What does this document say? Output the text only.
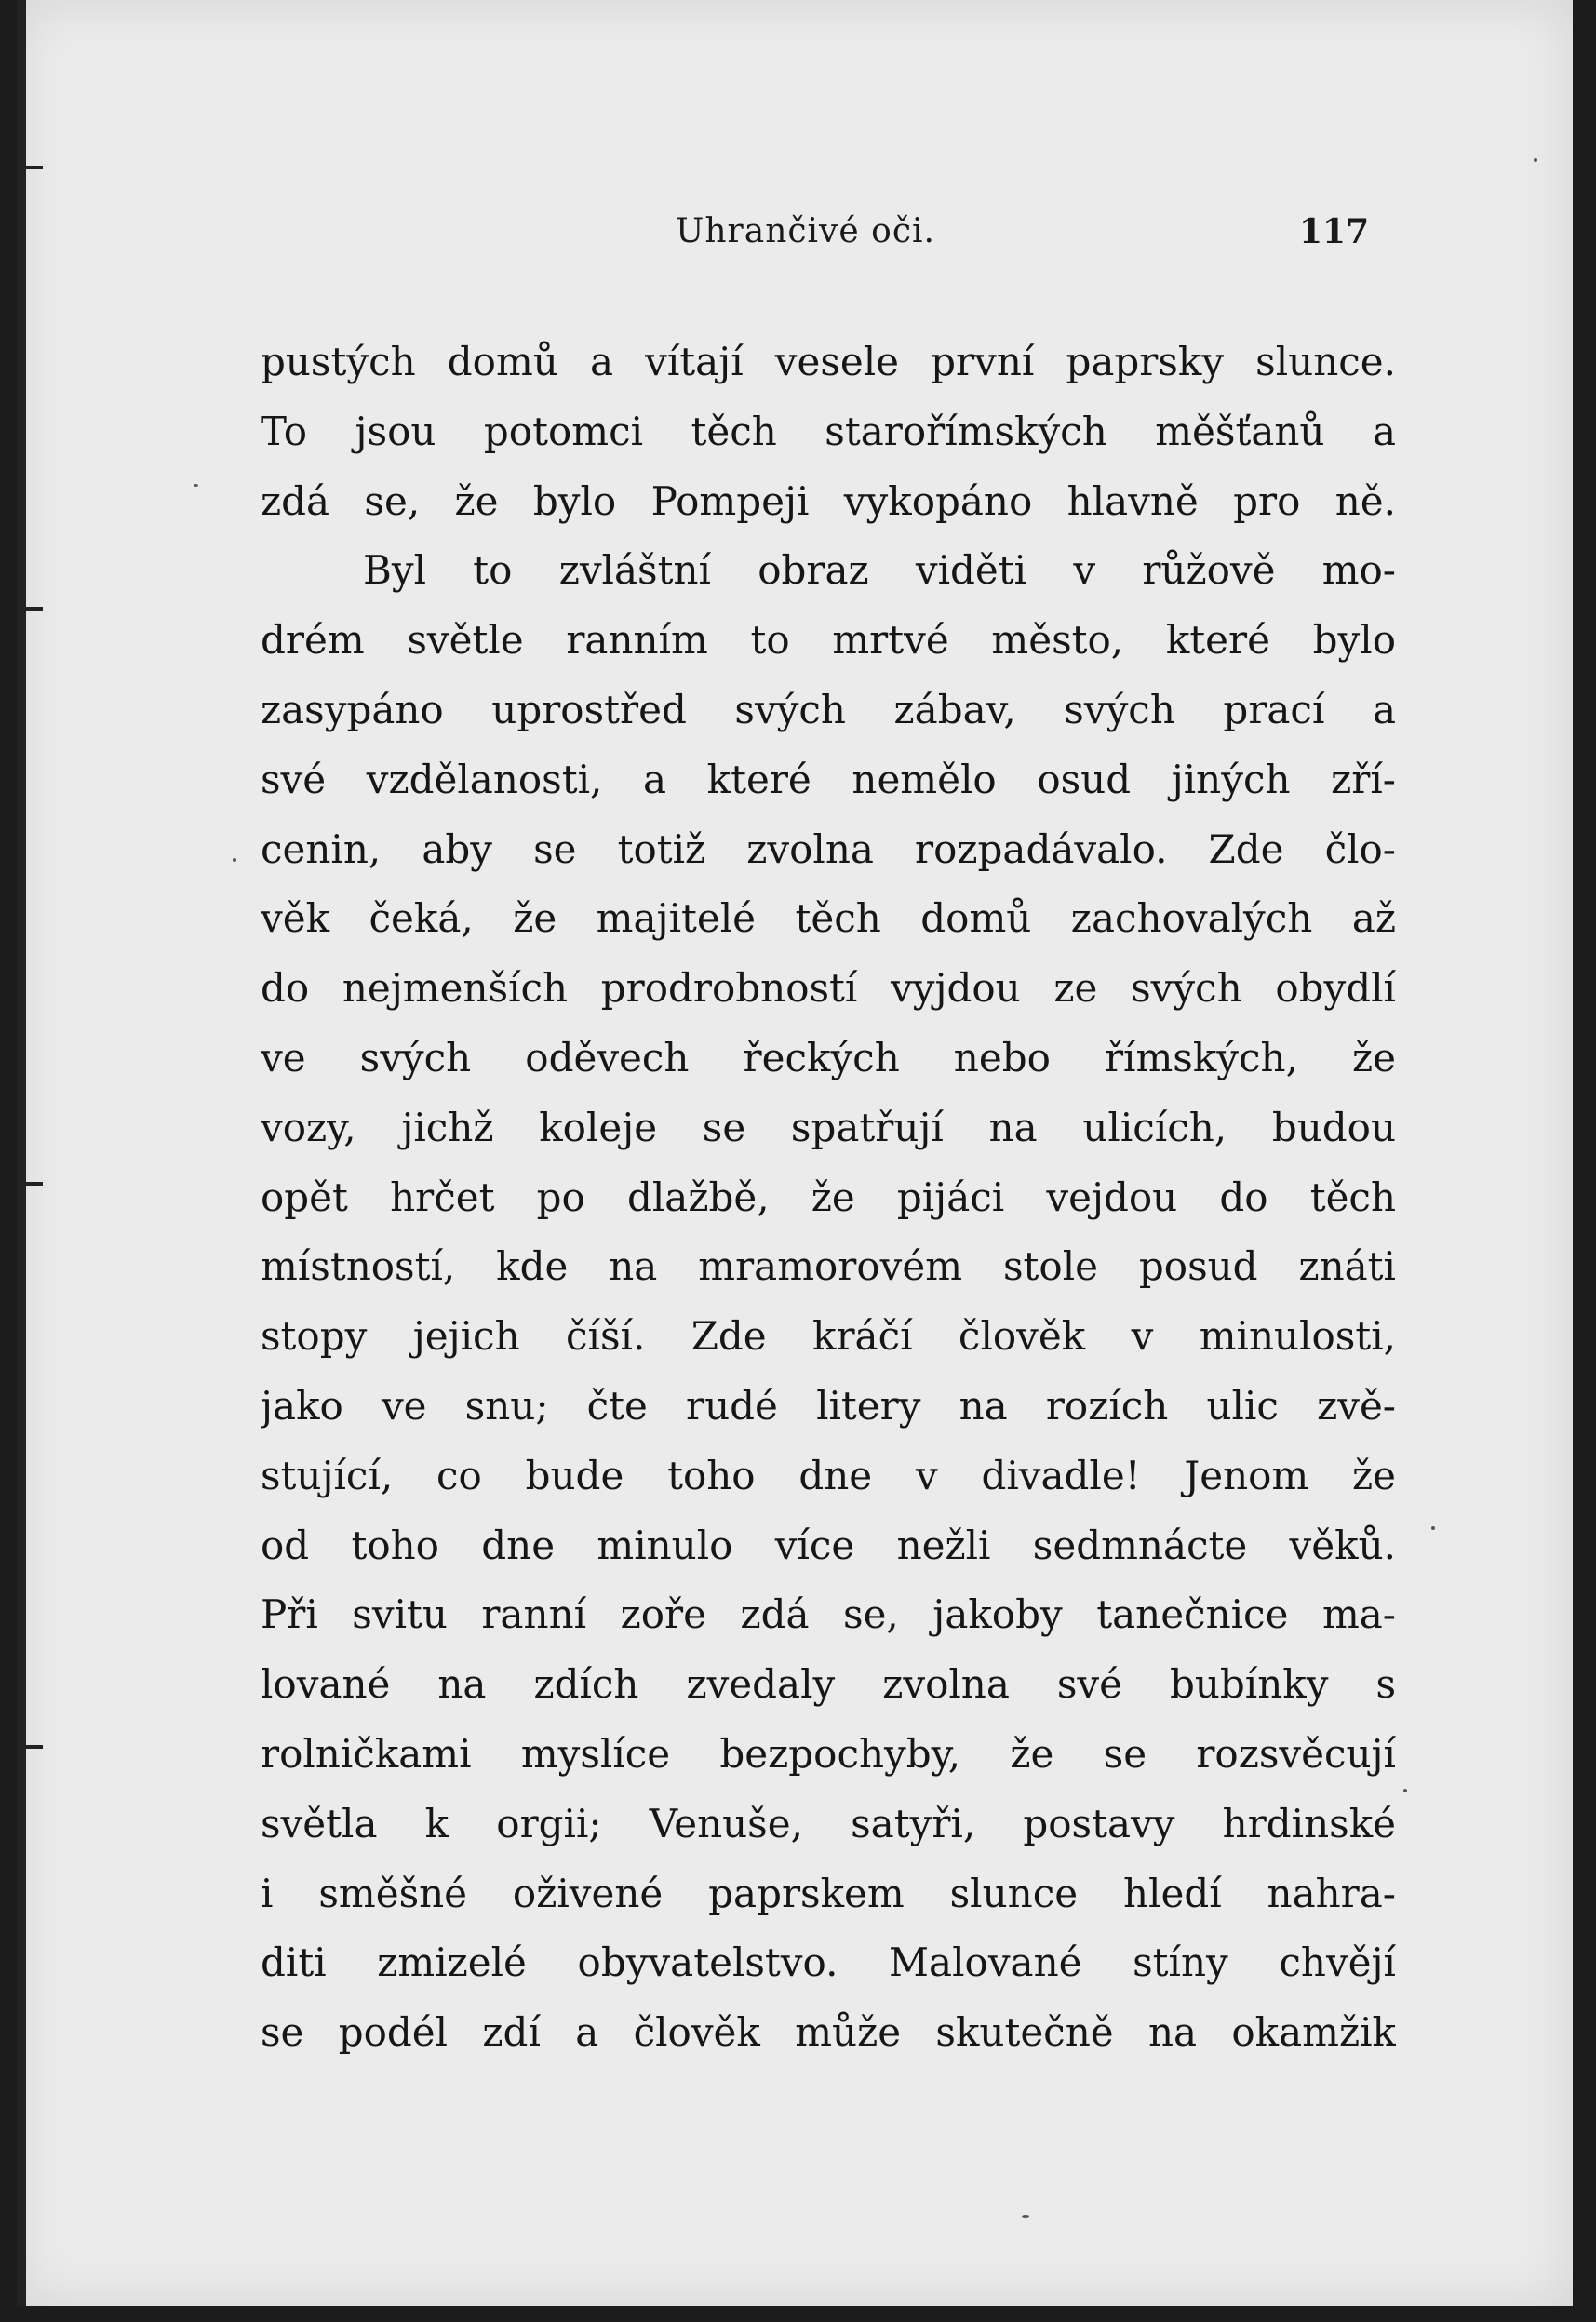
Uhrančivé oči.	117
pustých domů a vítají vesele první paprsky slunce.
To jsou potomci těch starořímských měšťanů a
zdá se, že bylo Pompeji vykopáno hlavně pro ně.
Byl to zvláštní obraz viděti v růžově mo-
drém světle ranním to mrtvé město, které bylo
zasypáno uprostřed svých zábav, svých prací a
své vzdělanosti, a které nemělo osud jiných zří-
cenin, aby se totiž zvolna rozpadávalo. Zde člo-
věk čeká, že majitelé těch domů zachovalých až
do nejmenších prodrobností vyjdou ze svých obydlí
ve svých oděvech řeckých nebo římských, že
vozy, jichž koleje se spatřují na ulicích, budou
opět hrčet po dlažbě, že pijáci vejdou do těch
místností, kde na mramorovém stole posud znáti
stopy jejich číší. Zde kráčí člověk v minulosti,
jako ve snu; čte rudé litery na rozích ulic zvě-
stující, co bude toho dne v divadle! Jenom že
od toho dne minulo více nežli sedmnácte věků.
Při svitu ranní zoře zdá se, jakoby tanečnice ma-
lované na zdích zvedaly zvolna své bubínky s
rolničkami myslíce bezpochyby, že se rozsvěcují
světla k orgii; Venuše, satyři, postavy hrdinské
i směšné oživené paprskem slunce hledí nahra-
diti zmizelé obyvatelstvo. Malované stíny chvějí
se podél zdí a člověk může skutečně na okamžik
